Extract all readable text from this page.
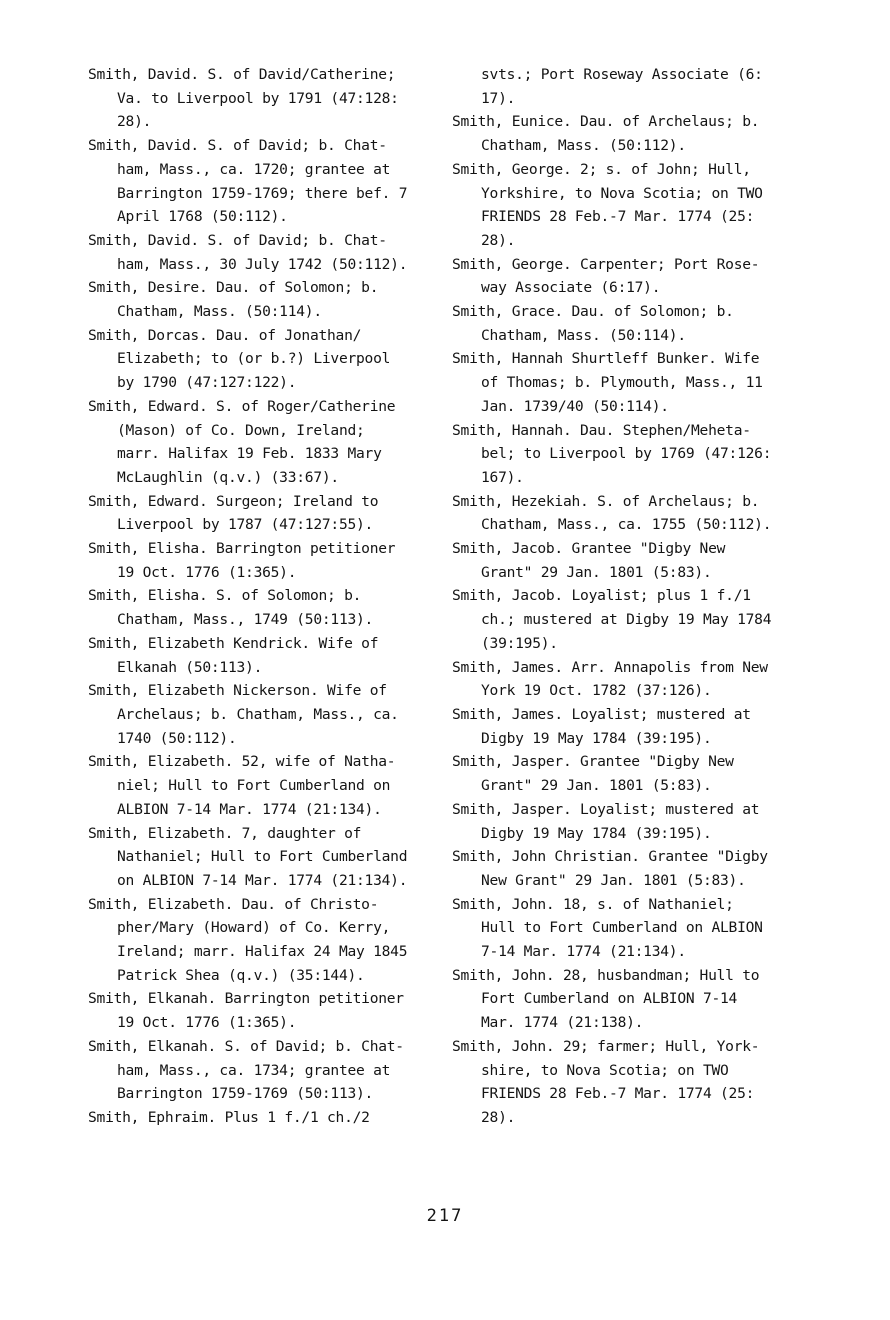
Smith, David. S. of David/Catherine;
Va. to Liverpool by 1791 (47:128:
28).
Smith, David. S. of David; b. Chat-
ham, Mass., ca. 1720; grantee at
Barrington 1759-1769; there bef. 7
April 1768 (50:112).
Smith, David. S. of David; b. Chat-
ham, Mass., 30 July 1742 (50:112).
Smith, Desire. Dau. of Solomon; b.
Chatham, Mass. (50:114).
Smith, Dorcas. Dau. of Jonathan/
Elizabeth; to (or b.?) Liverpool
by 1790 (47:127:122).
Smith, Edward. S. of Roger/Catherine
(Mason) of Co. Down, Ireland;
marr. Halifax 19 Feb. 1833 Mary
McLaughlin (q.v.) (33:67).
Smith, Edward. Surgeon; Ireland to
Liverpool by 1787 (47:127:55).
Smith, Elisha. Barrington petitioner
19 Oct. 1776 (1:365).
Smith, Elisha. S. of Solomon; b.
Chatham, Mass., 1749 (50:113).
Smith, Elizabeth Kendrick. Wife of
Elkanah (50:113).
Smith, Elizabeth Nickerson. Wife of
Archelaus; b. Chatham, Mass., ca.
1740 (50:112).
Smith, Elizabeth. 52, wife of Natha-
niel; Hull to Fort Cumberland on
ALBION 7-14 Mar. 1774 (21:134).
Smith, Elizabeth. 7, daughter of
Nathaniel; Hull to Fort Cumberland
on ALBION 7-14 Mar. 1774 (21:134).
Smith, Elizabeth. Dau. of Christo-
pher/Mary (Howard) of Co. Kerry,
Ireland; marr. Halifax 24 May 1845
Patrick Shea (q.v.) (35:144).
Smith, Elkanah. Barrington petitioner
19 Oct. 1776 (1:365).
Smith, Elkanah. S. of David; b. Chat-
ham, Mass., ca. 1734; grantee at
Barrington 1759-1769 (50:113).
Smith, Ephraim. Plus 1 f./1 ch./2
svts.; Port Roseway Associate (6:
17).
Smith, Eunice. Dau. of Archelaus; b.
Chatham, Mass. (50:112).
Smith, George. 2; s. of John; Hull,
Yorkshire, to Nova Scotia; on TWO
FRIENDS 28 Feb.-7 Mar. 1774 (25:
28).
Smith, George. Carpenter; Port Rose-
way Associate (6:17).
Smith, Grace. Dau. of Solomon; b.
Chatham, Mass. (50:114).
Smith, Hannah Shurtleff Bunker. Wife
of Thomas; b. Plymouth, Mass., 11
Jan. 1739/40 (50:114).
Smith, Hannah. Dau. Stephen/Meheta-
bel; to Liverpool by 1769 (47:126:
167).
Smith, Hezekiah. S. of Archelaus; b.
Chatham, Mass., ca. 1755 (50:112).
Smith, Jacob. Grantee "Digby New
Grant" 29 Jan. 1801 (5:83).
Smith, Jacob. Loyalist; plus 1 f./1
ch.; mustered at Digby 19 May 1784
(39:195).
Smith, James. Arr. Annapolis from New
York 19 Oct. 1782 (37:126).
Smith, James. Loyalist; mustered at
Digby 19 May 1784 (39:195).
Smith, Jasper. Grantee "Digby New
Grant" 29 Jan. 1801 (5:83).
Smith, Jasper. Loyalist; mustered at
Digby 19 May 1784 (39:195).
Smith, John Christian. Grantee "Digby
New Grant" 29 Jan. 1801 (5:83).
Smith, John. 18, s. of Nathaniel;
Hull to Fort Cumberland on ALBION
7-14 Mar. 1774 (21:134).
Smith, John. 28, husbandman; Hull to
Fort Cumberland on ALBION 7-14
Mar. 1774 (21:138).
Smith, John. 29; farmer; Hull, York-
shire, to Nova Scotia; on TWO
FRIENDS 28 Feb.-7 Mar. 1774 (25:
28).
217
